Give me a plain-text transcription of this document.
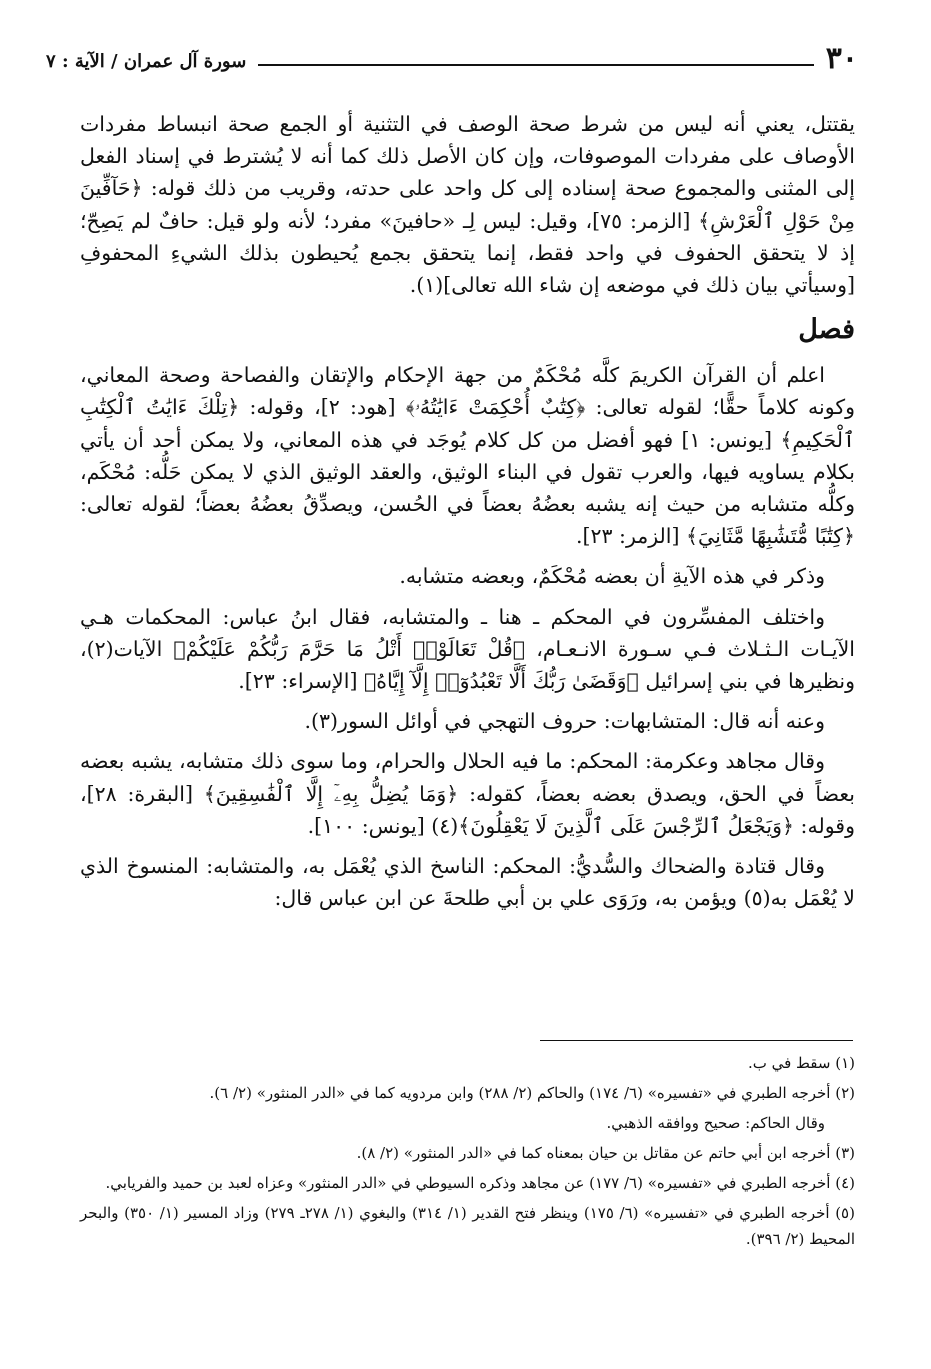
٣٠
سورة آل عمران / الآية : ٧

يقتتل، يعني أنه ليس من شرط صحة الوصف في التثنية أو الجمع صحة انبساط مفردات الأوصاف على مفردات الموصوفات، وإن كان الأصل ذلك كما أنه لا يُشترط في إسناد الفعل إلى المثنى والمجموع صحة إسناده إلى كل واحد على حدته، وقريب من ذلك قوله: ﴿حَآفِّينَ مِنْ حَوْلِ ٱلْعَرْشِ﴾ [الزمر: ٧٥]، وقيل: ليس لِـ «حافينَ» مفرد؛ لأنه ولو قيل: حافٌ لم يَصِحّ؛ إذ لا يتحقق الحفوف في واحد فقط، إنما يتحقق بجمع يُحيطون بذلك الشيءِ المحفوفِ [وسيأتي بيان ذلك في موضعه إن شاء الله تعالى](١).

فصل

اعلم أن القرآن الكريمَ كلَّه مُحْكَمٌ من جهة الإحكام والإتقان والفصاحة وصحة المعاني، وكونه كلاماً حقًّا؛ لقوله تعالى: ﴿كِتَٰبٌ أُحْكِمَتْ ءَايَٰتُهُۥ﴾ [هود: ٢]، وقوله: ﴿تِلْكَ ءَايَٰتُ ٱلْكِتَٰبِ ٱلْحَكِيمِ﴾ [يونس: ١] فهو أفضل من كل كلام يُوجَد في هذه المعاني، ولا يمكن أحد أن يأتي بكلام يساويه فيها، والعرب تقول في البناء الوثيق، والعقد الوثيق الذي لا يمكن حَلُّه: مُحْكَم، وكلُّه متشابه من حيث إنه يشبه بعضُهُ بعضاً في الحُسن، ويصدِّقُ بعضُهُ بعضاً؛ لقوله تعالى: ﴿كِتَٰبًا مُّتَشَٰبِهًا مَّثَانِيَ﴾ [الزمر: ٢٣].

وذكر في هذه الآيةِ أن بعضه مُحْكَمٌ، وبعضه متشابه.

واختلف المفسِّرون في المحكم ـ هنا ـ والمتشابه، فقال ابنُ عباس: المحكمات هـي الآيـات الـثـلاث فـي سـورة الانـعـام، ﴿قُلْ تَعَالَوْا۟ أَتْلُ مَا حَرَّمَ رَبُّكُمْ عَلَيْكُمْ﴾ الآيات(٢)، ونظيرها في بني إسرائيل ﴿وَقَضَىٰ رَبُّكَ أَلَّا تَعْبُدُوٓا۟ إِلَّآ إِيَّاهُ﴾ [الإسراء: ٢٣].

وعنه أنه قال: المتشابهات: حروف التهجي في أوائل السور(٣).

وقال مجاهد وعكرمة: المحكم: ما فيه الحلال والحرام، وما سوى ذلك متشابه، يشبه بعضه بعضاً في الحق، ويصدق بعضه بعضاً، كقوله: ﴿وَمَا يُضِلُّ بِهِۦٓ إِلَّا ٱلْفَٰسِقِينَ﴾ [البقرة: ٢٨]، وقوله: ﴿وَيَجْعَلُ ٱلرِّجْسَ عَلَى ٱلَّذِينَ لَا يَعْقِلُونَ﴾(٤) [يونس: ١٠٠].

وقال قتادة والضحاك والسُّديُّ: المحكم: الناسخ الذي يُعْمَل به، والمتشابه: المنسوخ الذي لا يُعْمَل به(٥) ويؤمن به، ورَوَى علي بن أبي طلحةَ عن ابن عباس قال:

(١) سقط في ب.
(٢) أخرجه الطبري في «تفسيره» (٦/ ١٧٤) والحاكم (٢/ ٢٨٨) وابن مردويه كما في «الدر المنثور» (٢/ ٦).
وقال الحاكم: صحيح ووافقه الذهبي.
(٣) أخرجه ابن أبي حاتم عن مقاتل بن حيان بمعناه كما في «الدر المنثور» (٢/ ٨).
(٤) أخرجه الطبري في «تفسيره» (٦/ ١٧٧) عن مجاهد وذكره السيوطي في «الدر المنثور» وعزاه لعبد بن حميد والفريابي.
(٥) أخرجه الطبري في «تفسيره» (٦/ ١٧٥) وينظر فتح القدير (١/ ٣١٤) والبغوي (١/ ٢٧٨ـ ٢٧٩) وزاد المسير (١/ ٣٥٠) والبحر المحيط (٢/ ٣٩٦).
